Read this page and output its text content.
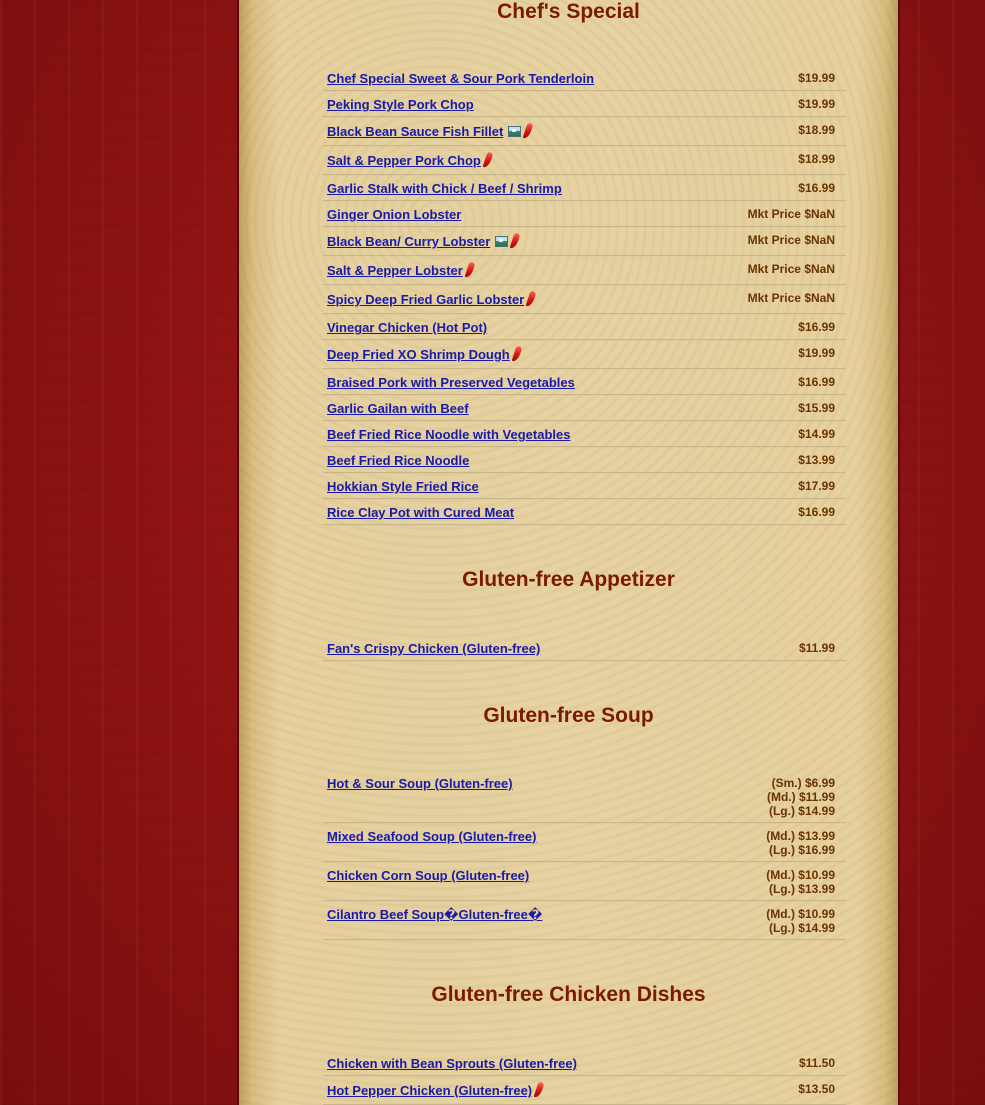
Chef's Special
Chef Special Sweet & Sour Pork Tenderloin	$19.99
Peking Style Pork Chop	$19.99
Black Bean Sauce Fish Fillet	$18.99
Salt & Pepper Pork Chop	$18.99
Garlic Stalk with Chick / Beef / Shrimp	$16.99
Ginger Onion Lobster	Mkt Price $NaN
Black Bean/ Curry Lobster	Mkt Price $NaN
Salt & Pepper Lobster	Mkt Price $NaN
Spicy Deep Fried Garlic Lobster	Mkt Price $NaN
Vinegar Chicken (Hot Pot)	$16.99
Deep Fried XO Shrimp Dough	$19.99
Braised Pork with Preserved Vegetables	$16.99
Garlic Gailan with Beef	$15.99
Beef Fried Rice Noodle with Vegetables	$14.99
Beef Fried Rice Noodle	$13.99
Hokkian Style Fried Rice	$17.99
Rice Clay Pot with Cured Meat	$16.99
Gluten-free Appetizer
Fan's Crispy Chicken (Gluten-free)	$11.99
Gluten-free Soup
Hot & Sour Soup (Gluten-free)	(Sm.) $6.99
(Md.) $11.99
(Lg.) $14.99
Mixed Seafood Soup (Gluten-free)	(Md.) $13.99
(Lg.) $16.99
Chicken Corn Soup (Gluten-free)	(Md.) $10.99
(Lg.) $13.99
Cilantro Beef Soup�Gluten-free�	(Md.) $10.99
(Lg.) $14.99
Gluten-free Chicken Dishes
Chicken with Bean Sprouts (Gluten-free)	$11.50
Hot Pepper Chicken (Gluten-free)	$13.50
